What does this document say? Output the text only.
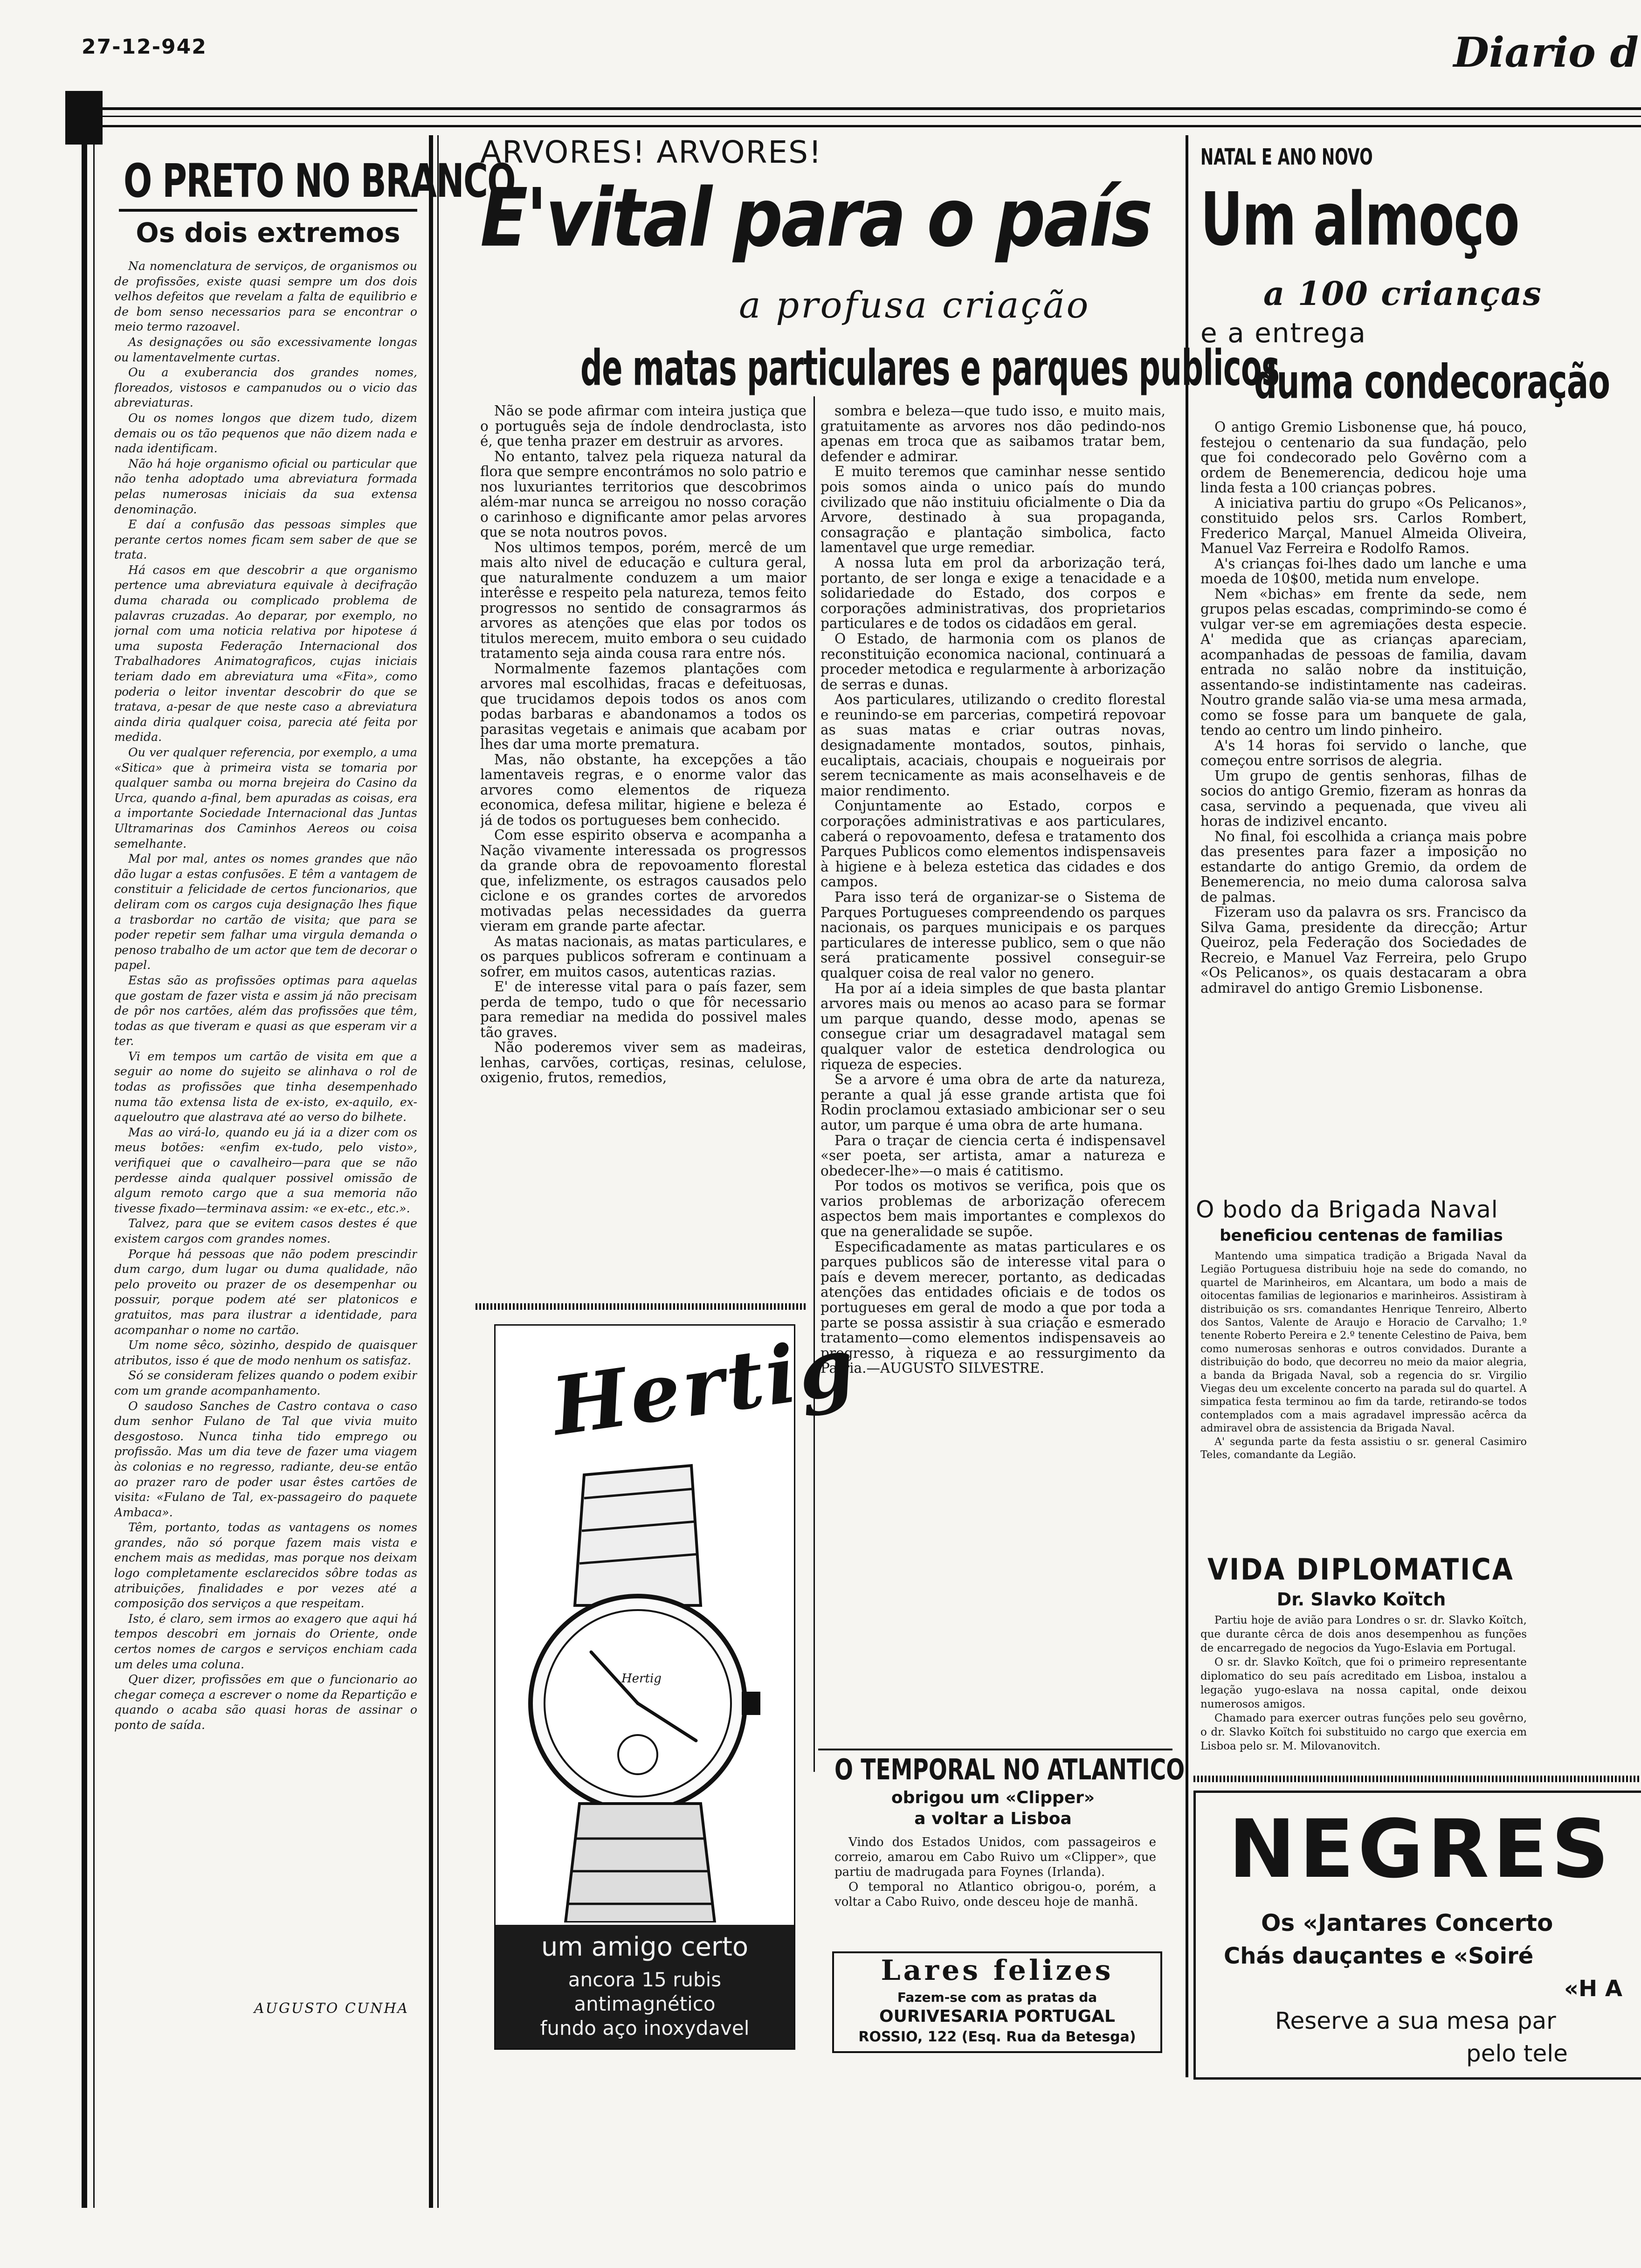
27-12-942	Diario d
O PRETO NO BRANCO
Os dois extremos

Na nomenclatura de serviços, de organismos ou de profissões, existe quasi sempre um dos dois velhos defeitos que revelam a falta de equilibrio e de bom senso necessarios para se encontrar o meio termo razoavel.

As designações ou são excessivamente longas ou lamentavelmente curtas.

Ou a exuberancia dos grandes nomes, floreados, vistosos e campanudos ou o vicio das abreviaturas.

Ou os nomes longos que dizem tudo, dizem demais ou os tão pequenos que não dizem nada e nada identificam.

Não há hoje organismo oficial ou particular que não tenha adoptado uma abreviatura formada pelas numerosas iniciais da sua extensa denominação.

E daí a confusão das pessoas simples que perante certos nomes ficam sem saber de que se trata.

Há casos em que descobrir a que organismo pertence uma abreviatura equivale à decifração duma charada ou complicado problema de palavras cruzadas. Ao deparar, por exemplo, no jornal com uma noticia relativa por hipotese á uma suposta Federação Internacional dos Trabalhadores Animatograficos, cujas iniciais teriam dado em abreviatura uma «Fita», como poderia o leitor inventar descobrir do que se tratava, a-pesar de que neste caso a abreviatura ainda diria qualquer coisa, parecia até feita por medida.

Ou ver qualquer referencia, por exemplo, a uma «Sitica» que à primeira vista se tomaria por qualquer samba ou morna brejeira do Casino da Urca, quando a-final, bem apuradas as coisas, era a importante Sociedade Internacional das Juntas Ultramarinas dos Caminhos Aereos ou coisa semelhante.

Mal por mal, antes os nomes grandes que não dão lugar a estas confusões. E têm a vantagem de constituir a felicidade de certos funcionarios, que deliram com os cargos cuja designação lhes fique a trasbordar no cartão de visita; que para se poder repetir sem falhar uma virgula demanda o penoso trabalho de um actor que tem de decorar o papel.

Estas são as profissões optimas para aquelas que gostam de fazer vista e assim já não precisam de pôr nos cartões, além das profissões que têm, todas as que tiveram e quasi as que esperam vir a ter.

Vi em tempos um cartão de visita em que a seguir ao nome do sujeito se alinhava o rol de todas as profissões que tinha desempenhado numa tão extensa lista de ex-isto, ex-aquilo, ex-aqueloutro que alastrava até ao verso do bilhete.

Mas ao virá-lo, quando eu já ia a dizer com os meus botões: «enfim ex-tudo, pelo visto», verifiquei que o cavalheiro—para que se não perdesse ainda qualquer possivel omissão de algum remoto cargo que a sua memoria não tivesse fixado—terminava assim: «e ex-etc., etc.».

Talvez, para que se evitem casos destes é que existem cargos com grandes nomes.

Porque há pessoas que não podem prescindir dum cargo, dum lugar ou duma qualidade, não pelo proveito ou prazer de os desempenhar ou possuir, porque podem até ser platonicos e gratuitos, mas para ilustrar a identidade, para acompanhar o nome no cartão.

Um nome sêco, sòzinho, despido de quaisquer atributos, isso é que de modo nenhum os satisfaz.

Só se consideram felizes quando o podem exibir com um grande acompanhamento.

O saudoso Sanches de Castro contava o caso dum senhor Fulano de Tal que vivia muito desgostoso. Nunca tinha tido emprego ou profissão. Mas um dia teve de fazer uma viagem às colonias e no regresso, radiante, deu-se então ao prazer raro de poder usar êstes cartões de visita: «Fulano de Tal, ex-passageiro do paquete Ambaca».

Têm, portanto, todas as vantagens os nomes grandes, não só porque fazem mais vista e enchem mais as medidas, mas porque nos deixam logo completamente esclarecidos sôbre todas as atribuições, finalidades e por vezes até a composição dos serviços a que respeitam.

Isto, é claro, sem irmos ao exagero que aqui há tempos descobri em jornais do Oriente, onde certos nomes de cargos e serviços enchiam cada um deles uma coluna.

Quer dizer, profissões em que o funcionario ao chegar começa a escrever o nome da Repartição e quando o acaba são quasi horas de assinar o ponto de saída.

AUGUSTO CUNHA
ARVORES! ARVORES!
E'vital para o país
a profusa criação
de matas particulares e parques publicos

Não se pode afirmar com inteira justiça que o português seja de índole dendroclasta, isto é, que tenha prazer em destruir as arvores.

No entanto, talvez pela riqueza natural da flora que sempre encontrámos no solo patrio e nos luxuriantes territorios que descobrimos além-mar nunca se arreigou no nosso coração o carinhoso e dignificante amor pelas arvores que se nota noutros povos.

Nos ultimos tempos, porém, mercê de um mais alto nivel de educação e cultura geral, que naturalmente conduzem a um maior interêsse e respeito pela natureza, temos feito progressos no sentido de consagrarmos ás arvores as atenções que elas por todos os titulos merecem, muito embora o seu cuidado tratamento seja ainda cousa rara entre nós.

Normalmente fazemos plantações com arvores mal escolhidas, fracas e defeituosas, que trucidamos depois todos os anos com podas barbaras e abandonamos a todos os parasitas vegetais e animais que acabam por lhes dar uma morte prematura.

Mas, não obstante, ha excepções a tão lamentaveis regras, e o enorme valor das arvores como elementos de riqueza economica, defesa militar, higiene e beleza é já de todos os portugueses bem conhecido.

Com esse espirito observa e acompanha a Nação vivamente interessada os progressos da grande obra de repovoamento florestal que, infelizmente, os estragos causados pelo ciclone e os grandes cortes de arvoredos motivadas pelas necessidades da guerra vieram em grande parte afectar.

As matas nacionais, as matas particulares, e os parques publicos sofreram e continuam a sofrer, em muitos casos, autenticas razias.

E' de interesse vital para o país fazer, sem perda de tempo, tudo o que fôr necessario para remediar na medida do possivel males tão graves.

Não poderemos viver sem as madeiras, lenhas, carvões, cortiças, resinas, celulose, oxigenio, frutos, remedios,

sombra e beleza—que tudo isso, e muito mais, gratuitamente as arvores nos dão pedindo-nos apenas em troca que as saibamos tratar bem, defender e admirar.

E muito teremos que caminhar nesse sentido pois somos ainda o unico país do mundo civilizado que não instituiu oficialmente o Dia da Arvore, destinado à sua propaganda, consagração e plantação simbolica, facto lamentavel que urge remediar.

A nossa luta em prol da arborização terá, portanto, de ser longa e exige a tenacidade e a solidariedade do Estado, dos corpos e corporações administrativas, dos proprietarios particulares e de todos os cidadãos em geral.

O Estado, de harmonia com os planos de reconstituição economica nacional, continuará a proceder metodica e regularmente à arborização de serras e dunas.

Aos particulares, utilizando o credito florestal e reunindo-se em parcerias, competirá repovoar as suas matas e criar outras novas, designadamente montados, soutos, pinhais, eucaliptais, acaciais, choupais e nogueirais por serem tecnicamente as mais aconselhaveis e de maior rendimento.

Conjuntamente ao Estado, corpos e corporações administrativas e aos particulares, caberá o repovoamento, defesa e tratamento dos Parques Publicos como elementos indispensaveis à higiene e à beleza estetica das cidades e dos campos.

Para isso terá de organizar-se o Sistema de Parques Portugueses compreendendo os parques nacionais, os parques municipais e os parques particulares de interesse publico, sem o que não será praticamente possivel conseguir-se qualquer coisa de real valor no genero.

Ha por aí a ideia simples de que basta plantar arvores mais ou menos ao acaso para se formar um parque quando, desse modo, apenas se consegue criar um desagradavel matagal sem qualquer valor de estetica dendrologica ou riqueza de especies.

Se a arvore é uma obra de arte da natureza, perante a qual já esse grande artista que foi Rodin proclamou extasiado ambicionar ser o seu autor, um parque é uma obra de arte humana.

Para o traçar de ciencia certa é indispensavel «ser poeta, ser artista, amar a natureza e obedecer-lhe»—o mais é catitismo.

Por todos os motivos se verifica, pois que os varios problemas de arborização oferecem aspectos bem mais importantes e complexos do que na generalidade se supõe.

Especificadamente as matas particulares e os parques publicos são de interesse vital para o país e devem merecer, portanto, as dedicadas atenções das entidades oficiais e de todos os portugueses em geral de modo a que por toda a parte se possa assistir à sua criação e esmerado tratamento—como elementos indispensaveis ao progresso, à riqueza e ao ressurgimento da Patria.—AUGUSTO SILVESTRE.

Hertig
Hertig
um amigo certo
ancora 15 rubis
antimagnético
fundo aço inoxydavel
O TEMPORAL NO ATLANTICO
obrigou um «Clipper»
a voltar a Lisboa

Vindo dos Estados Unidos, com passageiros e correio, amarou em Cabo Ruivo um «Clipper», que partiu de madrugada para Foynes (Irlanda).

O temporal no Atlantico obrigou-o, porém, a voltar a Cabo Ruivo, onde desceu hoje de manhã.

Lares felizes
Fazem-se com as pratas da
OURIVESARIA PORTUGAL
ROSSIO, 122 (Esq. Rua da Betesga)
NATAL E ANO NOVO
Um almoço
a 100 crianças
e a entrega
duma condecoração

O antigo Gremio Lisbonense que, há pouco, festejou o centenario da sua fundação, pelo que foi condecorado pelo Govêrno com a ordem de Benemerencia, dedicou hoje uma linda festa a 100 crianças pobres.

A iniciativa partiu do grupo «Os Pelicanos», constituido pelos srs. Carlos Rombert, Frederico Marçal, Manuel Almeida Oliveira, Manuel Vaz Ferreira e Rodolfo Ramos.

A's crianças foi-lhes dado um lanche e uma moeda de 10$00, metida num envelope.

Nem «bichas» em frente da sede, nem grupos pelas escadas, comprimindo-se como é vulgar ver-se em agremiações desta especie. A' medida que as crianças apareciam, acompanhadas de pessoas de familia, davam entrada no salão nobre da instituição, assentando-se indistintamente nas cadeiras. Noutro grande salão via-se uma mesa armada, como se fosse para um banquete de gala, tendo ao centro um lindo pinheiro.

A's 14 horas foi servido o lanche, que começou entre sorrisos de alegria.

Um grupo de gentis senhoras, filhas de socios do antigo Gremio, fizeram as honras da casa, servindo a pequenada, que viveu ali horas de indizivel encanto.

No final, foi escolhida a criança mais pobre das presentes para fazer a imposição no estandarte do antigo Gremio, da ordem de Benemerencia, no meio duma calorosa salva de palmas.

Fizeram uso da palavra os srs. Francisco da Silva Gama, presidente da direcção; Artur Queiroz, pela Federação dos Sociedades de Recreio, e Manuel Vaz Ferreira, pelo Grupo «Os Pelicanos», os quais destacaram a obra admiravel do antigo Gremio Lisbonense.

O bodo da Brigada Naval
beneficiou centenas de familias

Mantendo uma simpatica tradição a Brigada Naval da Legião Portuguesa distribuiu hoje na sede do comando, no quartel de Marinheiros, em Alcantara, um bodo a mais de oitocentas familias de legionarios e marinheiros. Assistiram à distribuição os srs. comandantes Henrique Tenreiro, Alberto dos Santos, Valente de Araujo e Horacio de Carvalho; 1.º tenente Roberto Pereira e 2.º tenente Celestino de Paiva, bem como numerosas senhoras e outros convidados. Durante a distribuição do bodo, que decorreu no meio da maior alegria, a banda da Brigada Naval, sob a regencia do sr. Virgilio Viegas deu um excelente concerto na parada sul do quartel. A simpatica festa terminou ao fim da tarde, retirando-se todos contemplados com a mais agradavel impressão acêrca da admiravel obra de assistencia da Brigada Naval.

A' segunda parte da festa assistiu o sr. general Casimiro Teles, comandante da Legião.

VIDA DIPLOMATICA
Dr. Slavko Koïtch

Partiu hoje de avião para Londres o sr. dr. Slavko Koïtch, que durante cêrca de dois anos desempenhou as funções de encarregado de negocios da Yugo-Eslavia em Portugal.

O sr. dr. Slavko Koïtch, que foi o primeiro representante diplomatico do seu país acreditado em Lisboa, instalou a legação yugo-eslava na nossa capital, onde deixou numerosos amigos.

Chamado para exercer outras funções pelo seu govêrno, o dr. Slavko Koïtch foi substituido no cargo que exercia em Lisboa pelo sr. M. Milovanovitch.

NEGRES
Os «Jantares Concerto
Chás dauçantes e «Soiré
«H A
Reserve a sua mesa par
pelo tele
